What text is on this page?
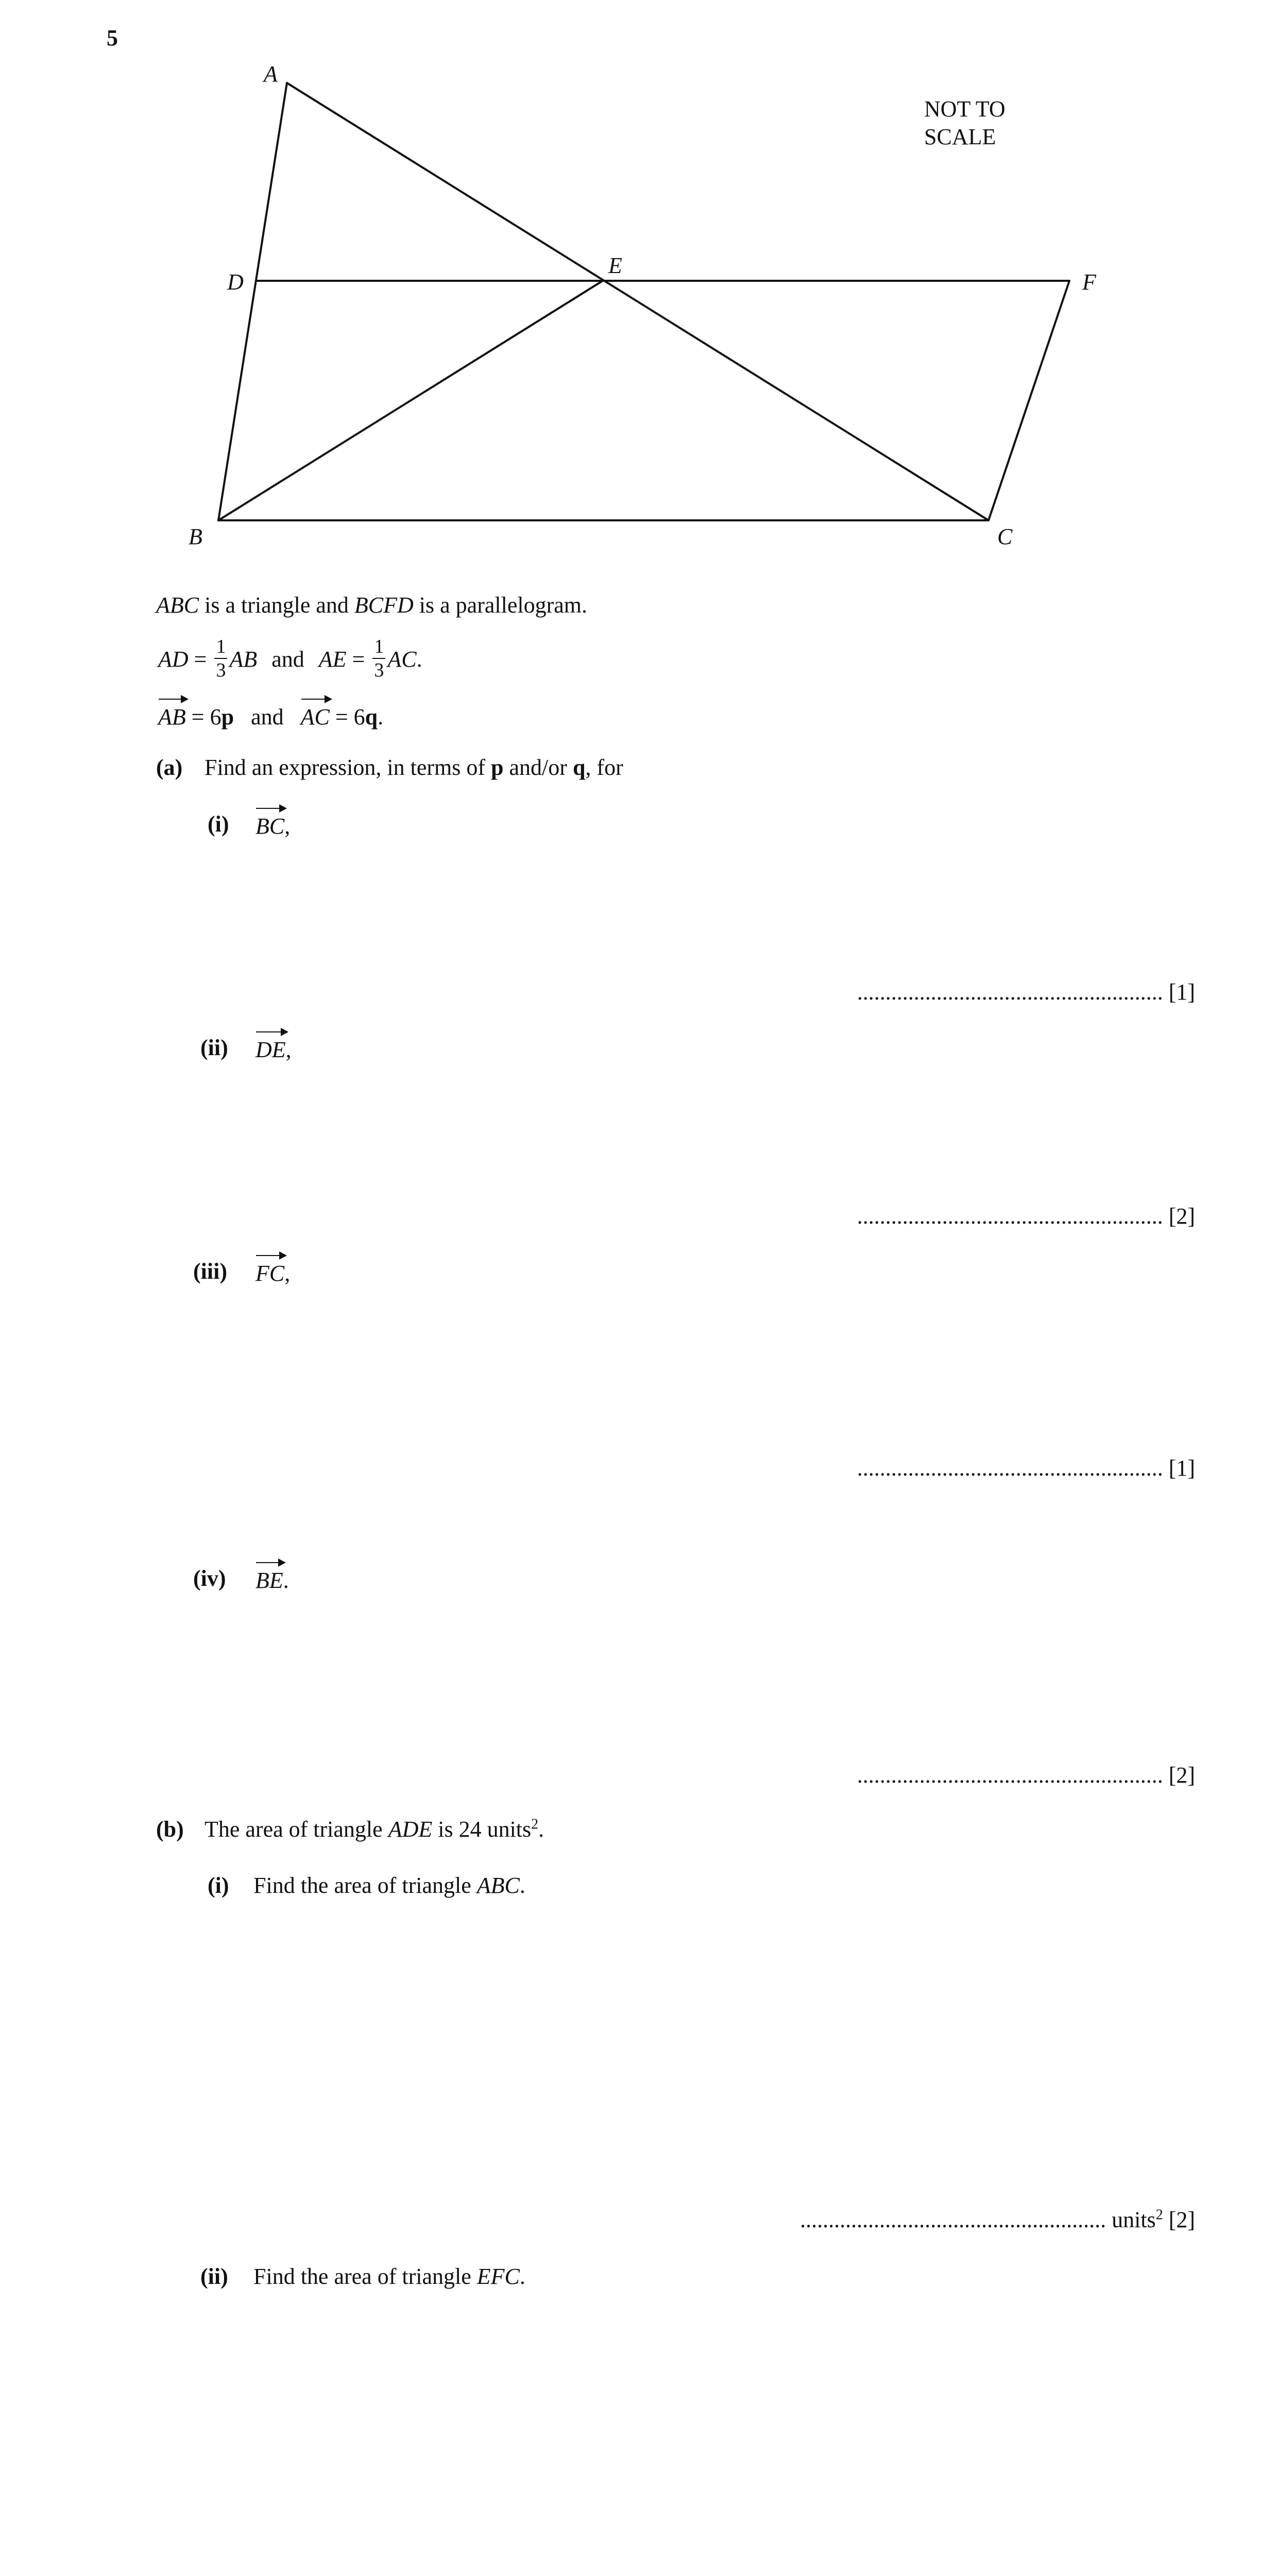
5
A
D
E
F
B	C
NOT TO
SCALE
ABC is a triangle and BCFD is a parallelogram.
AD = $\frac{1}{3}$ AB and AE = $\frac{1}{3}$ AC .
AB = 6p and AC = 6q.
(a) Find an expression, in terms of p and/or q, for
(i) BC,
...................................................... [1]
(ii) DE,
...................................................... [2]
(iii) FC,
...................................................... [1]
(iv) BE.
...................................................... [2]
(b) The area of triangle ADE is 24 units$^2$.
(i) Find the area of triangle ABC.
...................................................... units$^2$ [2]
(ii) Find the area of triangle EFC.
